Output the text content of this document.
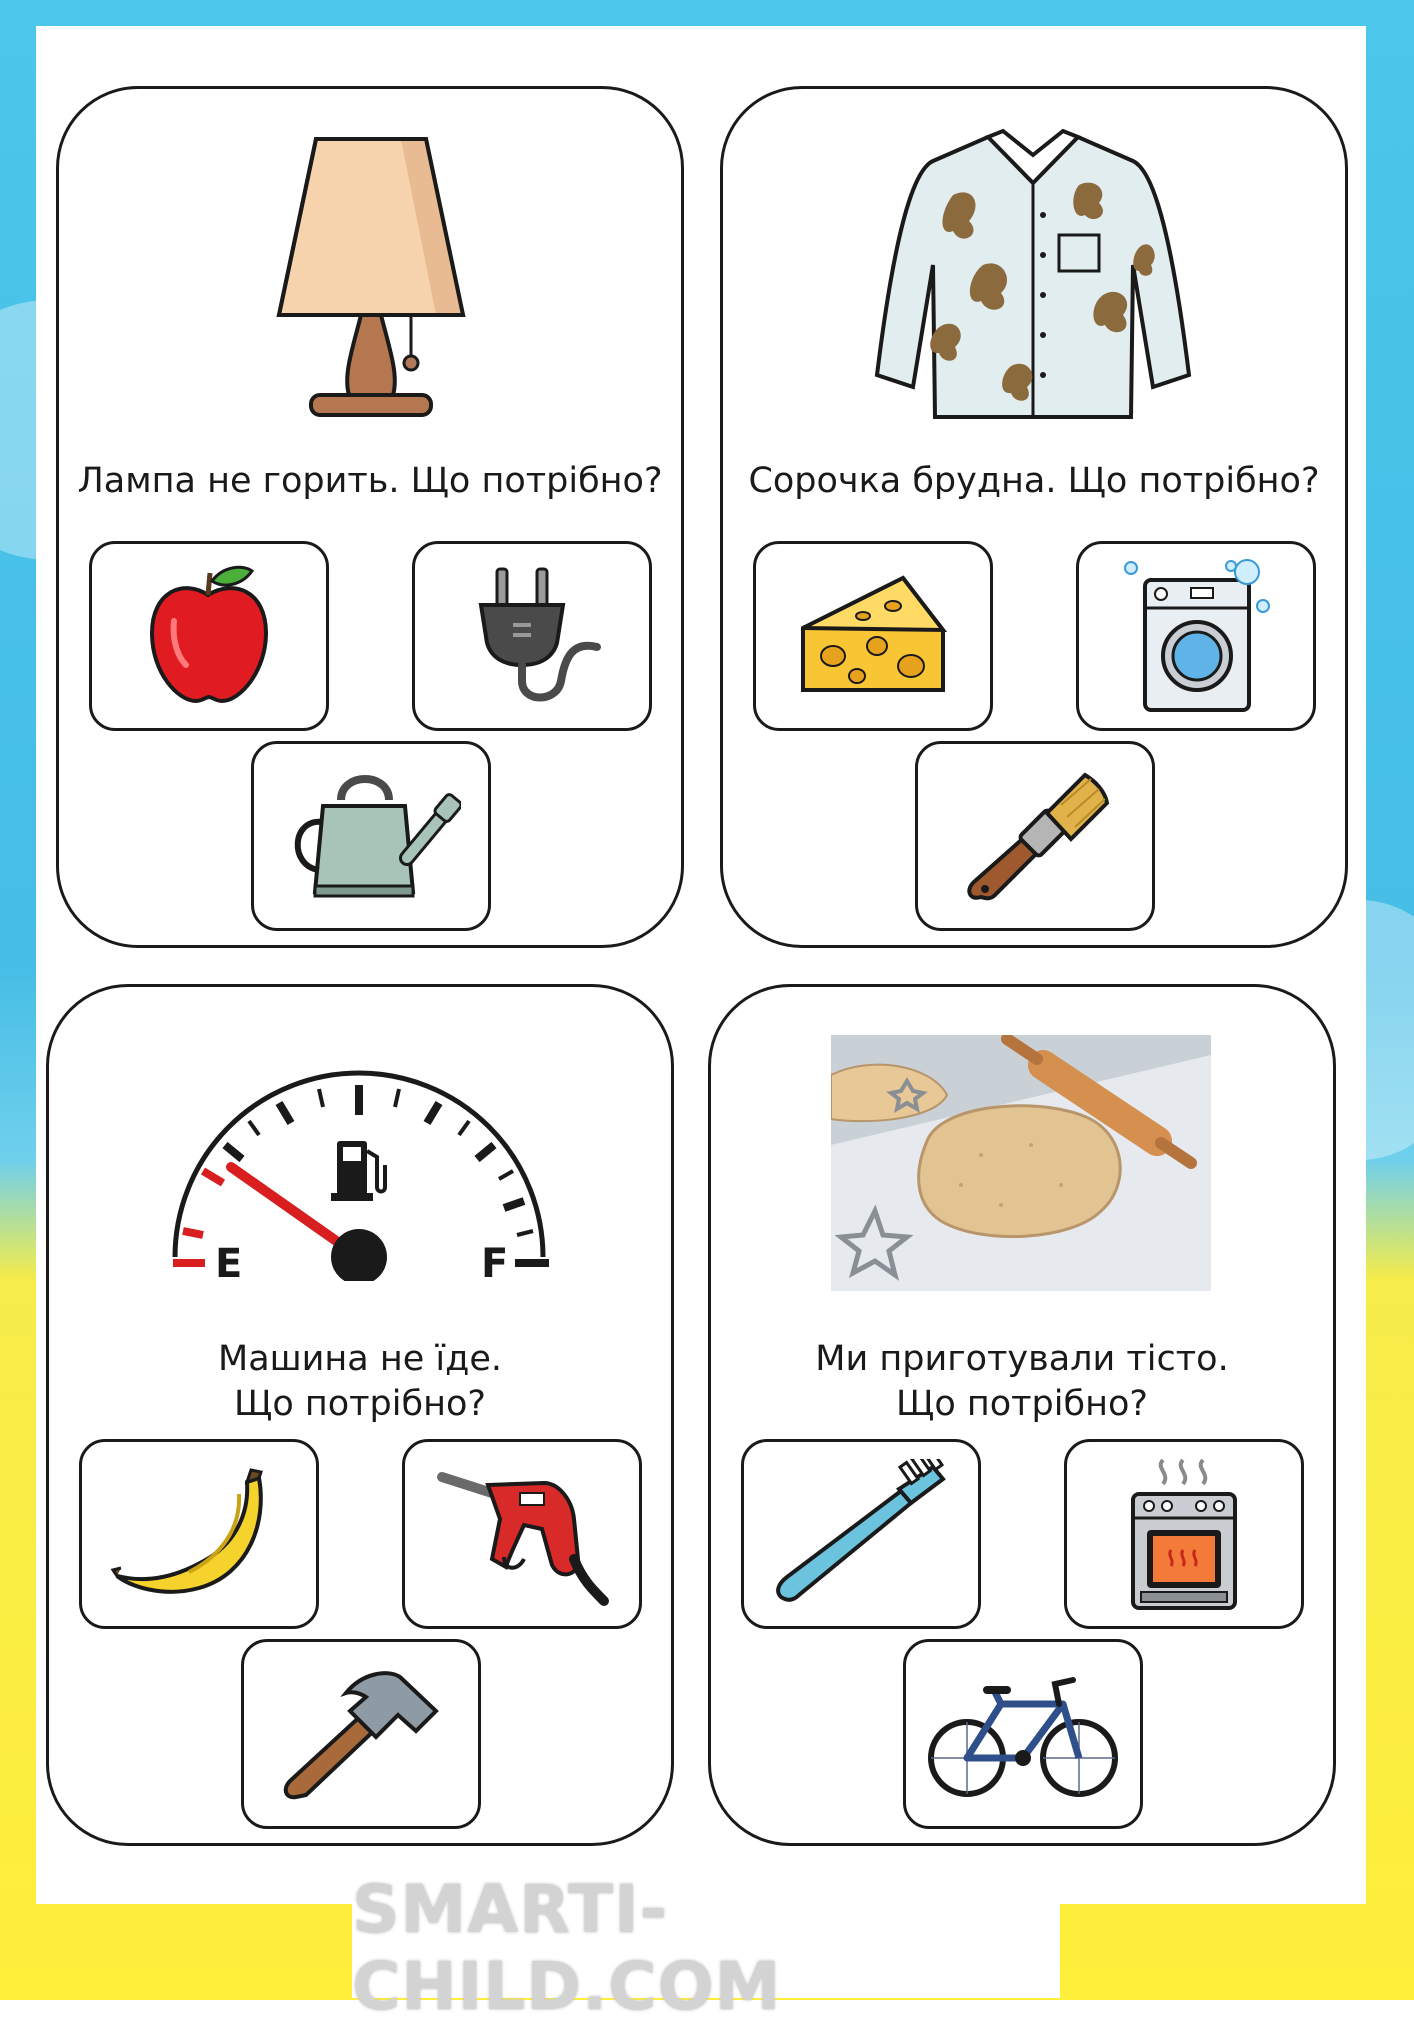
Лампа не горить. Що потрібно?	Сорочка брудна. Що потрібно?
E	F
Машина не їде.
Що потрібно?
Ми приготували тісто.
Що потрібно?
SMARTI-CHILD.COM
